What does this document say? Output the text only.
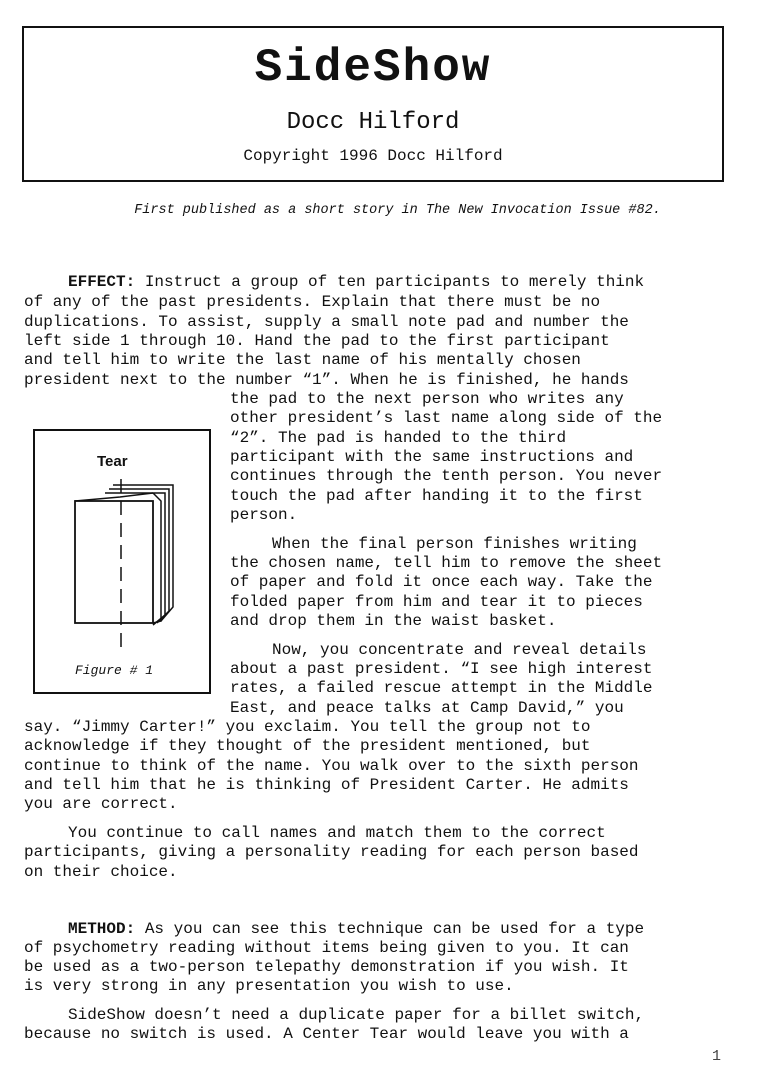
SideShow
Docc Hilford
Copyright 1996 Docc Hilford
First published as a short story in The New Invocation Issue #82.
EFFECT: Instruct a group of ten participants to merely think
of any of the past presidents. Explain that there must be no
duplications. To assist, supply a small note pad and number the
left side 1 through 10. Hand the pad to the first participant
and tell him to write the last name of his mentally chosen
president next to the number “1”. When he is finished, he hands
the pad to the next person who writes any
other president’s last name along side of the
“2”. The pad is handed to the third
participant with the same instructions and
continues through the tenth person. You never
touch the pad after handing it to the first
person.
When the final person finishes writing
the chosen name, tell him to remove the sheet
of paper and fold it once each way. Take the
folded paper from him and tear it to pieces
and drop them in the waist basket.
Now, you concentrate and reveal details
about a past president. “I see high interest
rates, a failed rescue attempt in the Middle
East, and peace talks at Camp David,” you
say. “Jimmy Carter!” you exclaim. You tell the group not to
acknowledge if they thought of the president mentioned, but
continue to think of the name. You walk over to the sixth person
and tell him that he is thinking of President Carter. He admits
you are correct.
You continue to call names and match them to the correct
participants, giving a personality reading for each person based
on their choice.
METHOD: As you can see this technique can be used for a type
of psychometry reading without items being given to you. It can
be used as a two-person telepathy demonstration if you wish. It
is very strong in any presentation you wish to use.
SideShow doesn’t need a duplicate paper for a billet switch,
because no switch is used. A Center Tear would leave you with a
Tear
Figure # 1
1
